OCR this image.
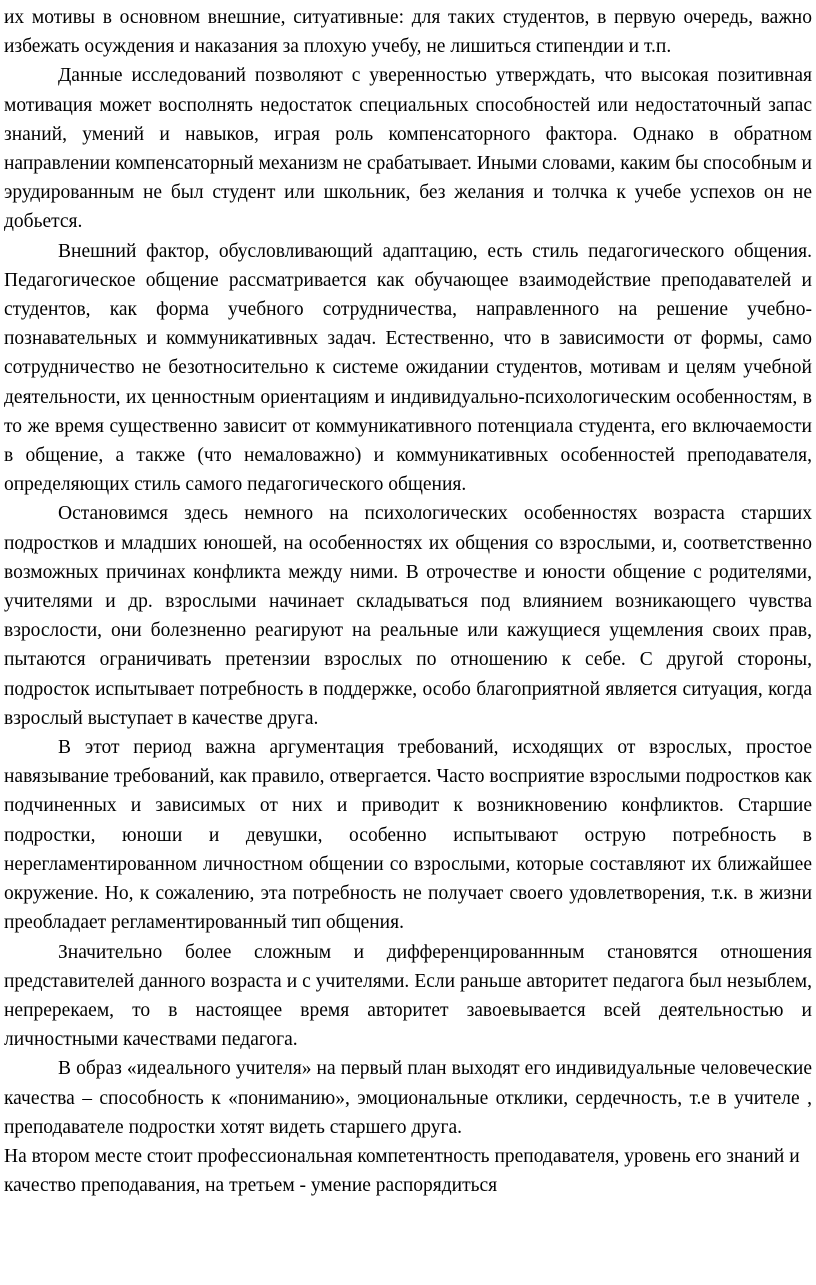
их мотивы в основном внешние, ситуативные: для таких студентов, в первую очередь, важно избежать осуждения и наказания за плохую учебу, не лишиться стипендии и т.п.

Данные исследований позволяют с уверенностью утверждать, что высокая позитивная мотивация может восполнять недостаток специальных способностей или недостаточный запас знаний, умений и навыков, играя роль компенсаторного фактора. Однако в обратном направлении компенсаторный механизм не срабатывает. Иными словами, каким бы способным и эрудированным не был студент или школьник, без желания и толчка к учебе успехов он не добьется.

Внешний фактор, обусловливающий адаптацию, есть стиль педагогического общения. Педагогическое общение рассматривается как обучающее взаимодействие преподавателей и студентов, как форма учебного сотрудничества, направленного на решение учебно-познавательных и коммуникативных задач. Естественно, что в зависимости от формы, само сотрудничество не безотносительно к системе ожидании студентов, мотивам и целям учебной деятельности, их ценностным ориентациям и индивидуально-психологическим особенностям, в то же время существенно зависит от коммуникативного потенциала студента, его включаемости в общение, а также (что немаловажно) и коммуникативных особенностей преподавателя, определяющих стиль самого педагогического общения.

Остановимся здесь немного на психологических особенностях возраста старших подростков и младших юношей, на особенностях их общения со взрослыми, и, соответственно возможных причинах конфликта между ними. В отрочестве и юности общение с родителями, учителями и др. взрослыми начинает складываться под влиянием возникающего чувства взрослости, они болезненно реагируют на реальные или кажущиеся ущемления своих прав, пытаются ограничивать претензии взрослых по отношению к себе. С другой стороны, подросток испытывает потребность в поддержке, особо благоприятной является ситуация, когда взрослый выступает в качестве друга.

В этот период важна аргументация требований, исходящих от взрослых, простое навязывание требований, как правило, отвергается. Часто восприятие взрослыми подростков как подчиненных и зависимых от них и приводит к возникновению конфликтов. Старшие подростки, юноши и девушки, особенно испытывают острую потребность в нерегламентированном личностном общении со взрослыми, которые составляют их ближайшее окружение. Но, к сожалению, эта потребность не получает своего удовлетворения, т.к. в жизни преобладает регламентированный тип общения.

Значительно более сложным и дифференцированнным становятся отношения представителей данного возраста и с учителями. Если раньше авторитет педагога был незыблем, непререкаем, то в настоящее время авторитет завоевывается всей деятельностью и личностными качествами педагога.

В образ «идеального учителя» на первый план выходят его индивидуальные человеческие качества – способность к «пониманию», эмоциональные отклики, сердечность, т.е в учителе , преподавателе подростки хотят видеть старшего друга.

На втором месте стоит профессиональная компетентность преподавателя, уровень его знаний и качество преподавания, на третьем - умение распорядиться
